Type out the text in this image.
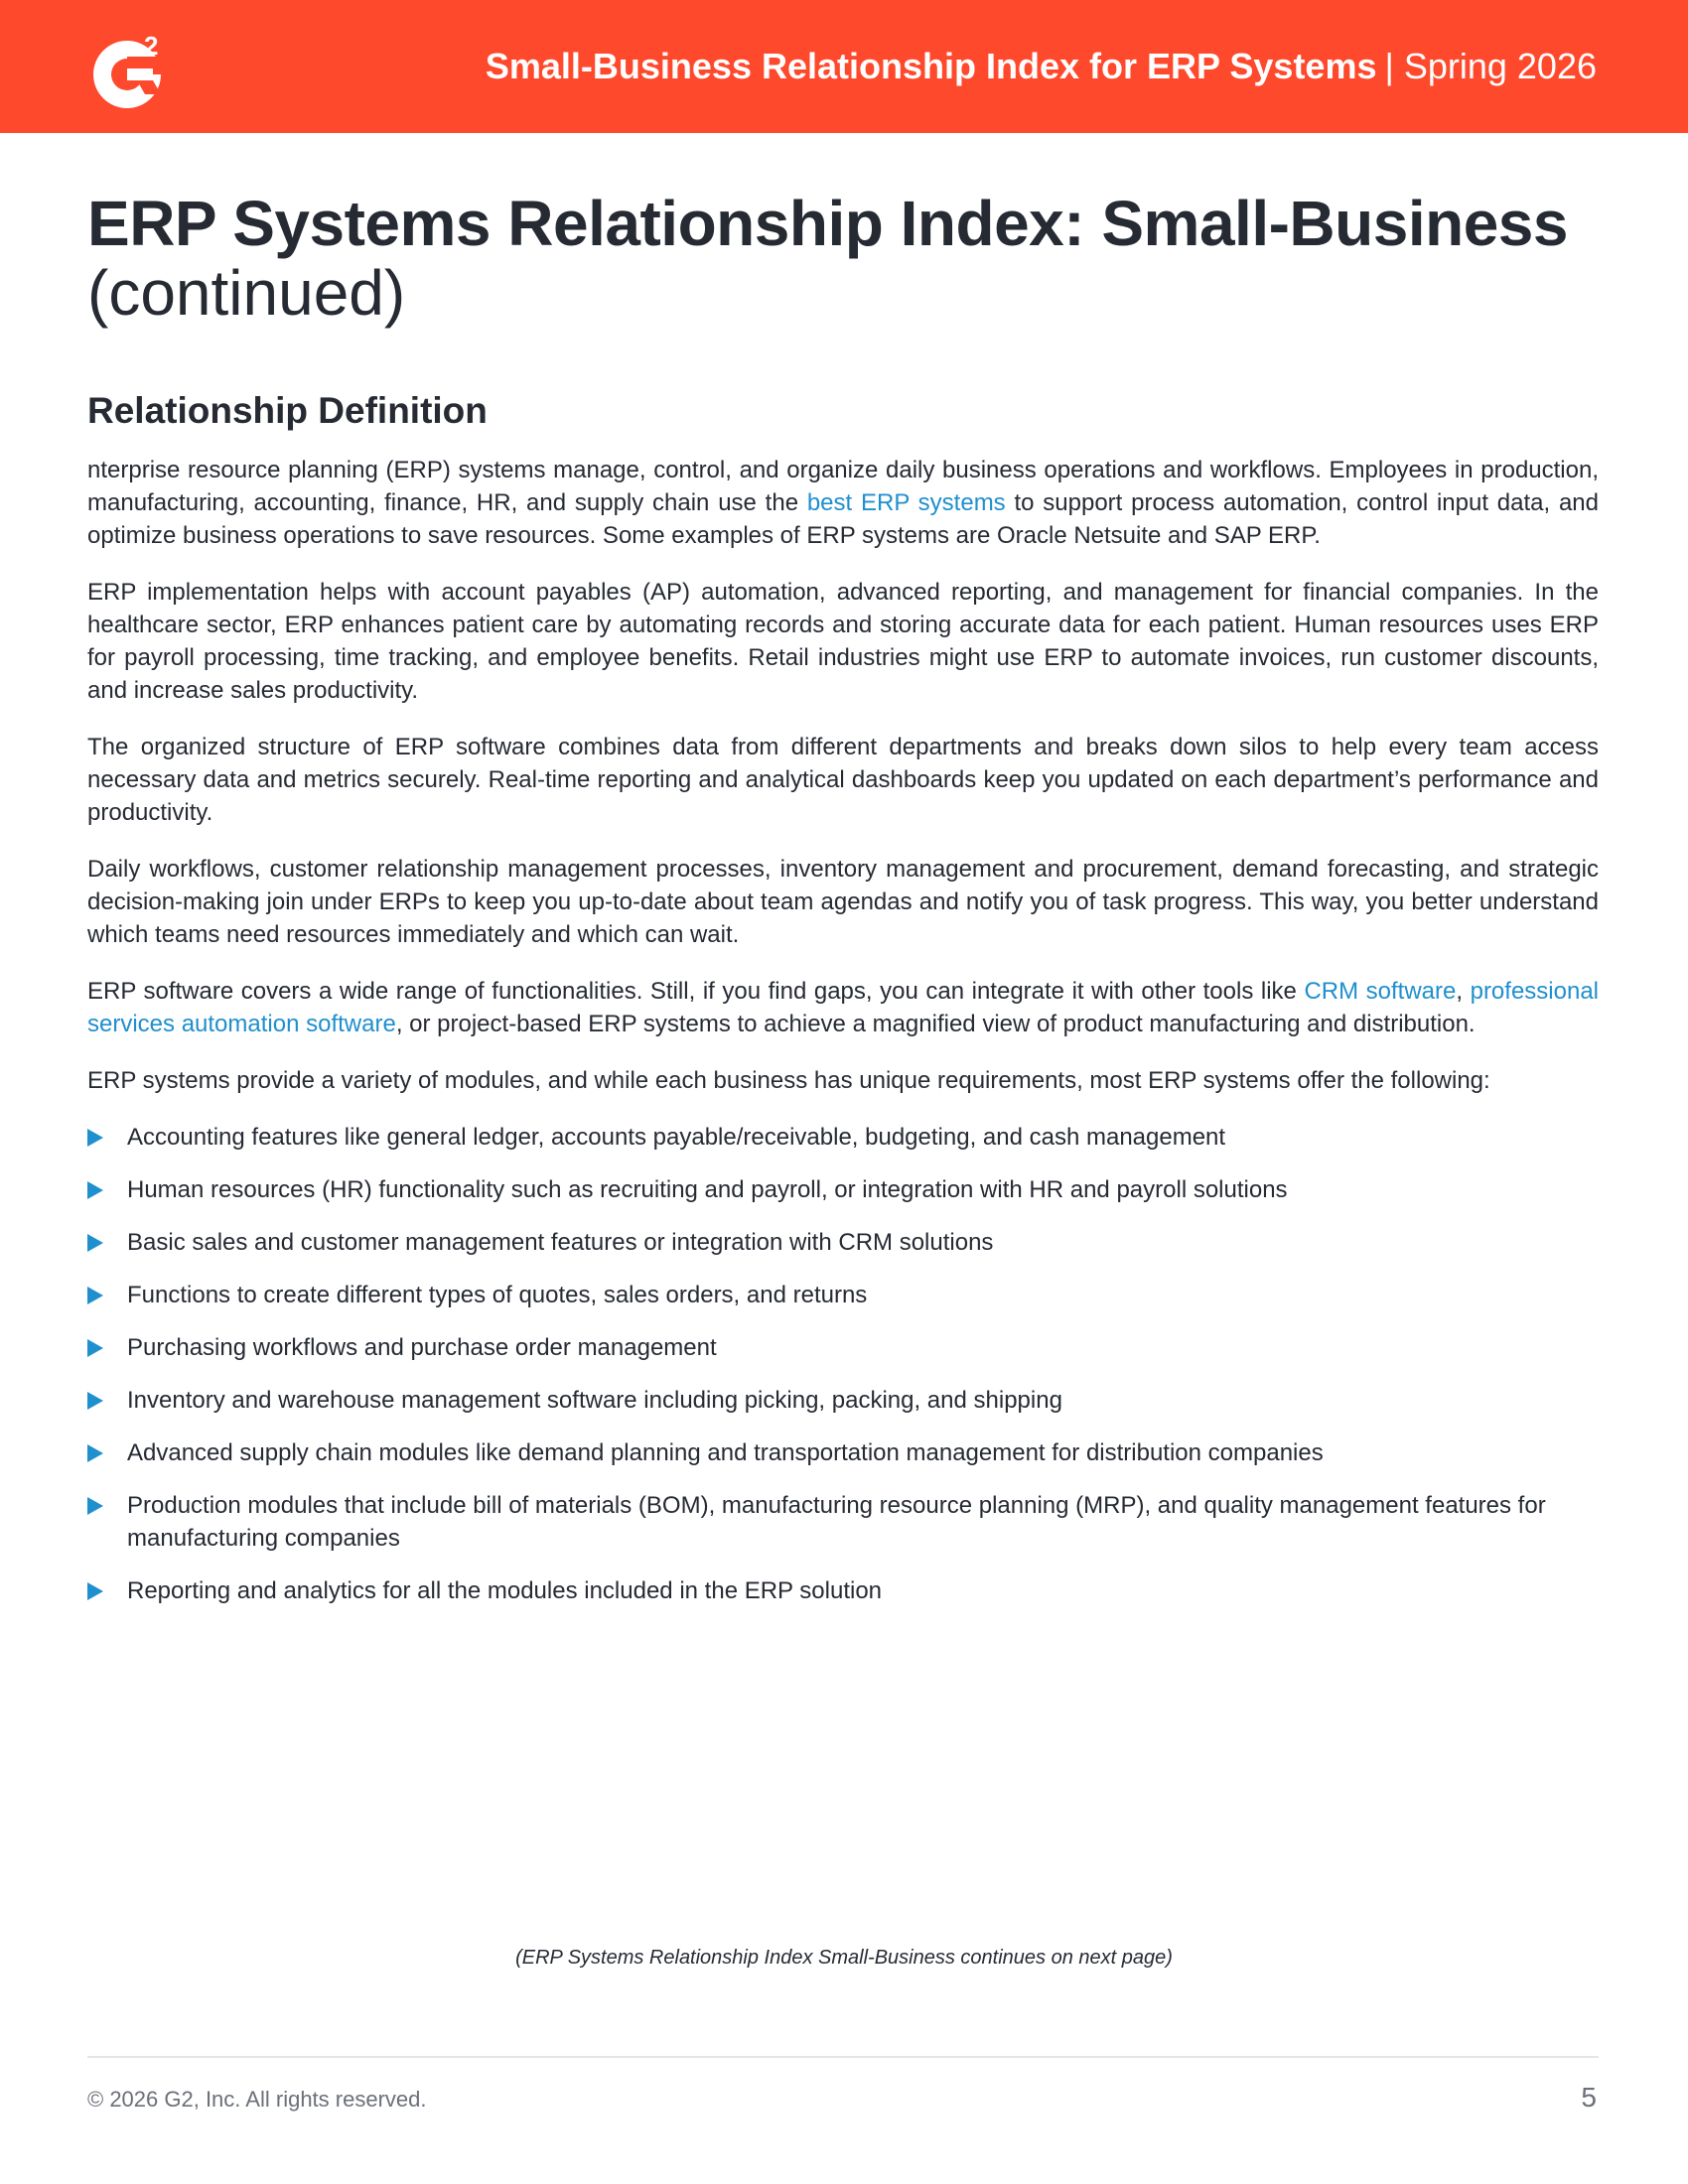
2	Small-Business Relationship Index for ERP Systems | Spring 2026
ERP Systems Relationship Index: Small-Business
(continued)
Relationship Definition

nterprise resource planning (ERP) systems manage, control, and organize daily business operations and workflows. Employees in production, manufacturing, accounting, finance, HR, and supply chain use the best ERP systems to support process automation, control input data, and optimize business operations to save resources. Some examples of ERP systems are Oracle Netsuite and SAP ERP.

ERP implementation helps with account payables (AP) automation, advanced reporting, and management for financial companies. In the healthcare sector, ERP enhances patient care by automating records and storing accurate data for each patient. Human resources uses ERP for payroll processing, time tracking, and employee benefits. Retail industries might use ERP to automate invoices, run customer discounts, and increase sales productivity.

The organized structure of ERP software combines data from different departments and breaks down silos to help every team access necessary data and metrics securely. Real-time reporting and analytical dashboards keep you updated on each department’s performance and productivity.

Daily workflows, customer relationship management processes, inventory management and procurement, demand forecasting, and strategic decision-making join under ERPs to keep you up-to-date about team agendas and notify you of task progress. This way, you better understand which teams need resources immediately and which can wait.

ERP software covers a wide range of functionalities. Still, if you find gaps, you can integrate it with other tools like CRM software, professional services automation software, or project-based ERP systems to achieve a magnified view of product manufacturing and distribution.

ERP systems provide a variety of modules, and while each business has unique requirements, most ERP systems offer the following:

Accounting features like general ledger, accounts payable/receivable, budgeting, and cash management
Human resources (HR) functionality such as recruiting and payroll, or integration with HR and payroll solutions
Basic sales and customer management features or integration with CRM solutions
Functions to create different types of quotes, sales orders, and returns
Purchasing workflows and purchase order management
Inventory and warehouse management software including picking, packing, and shipping
Advanced supply chain modules like demand planning and transportation management for distribution companies
Production modules that include bill of materials (BOM), manufacturing resource planning (MRP), and quality management features for manufacturing companies
Reporting and analytics for all the modules included in the ERP solution
(ERP Systems Relationship Index Small-Business continues on next page)
© 2026 G2, Inc. All rights reserved.	5
